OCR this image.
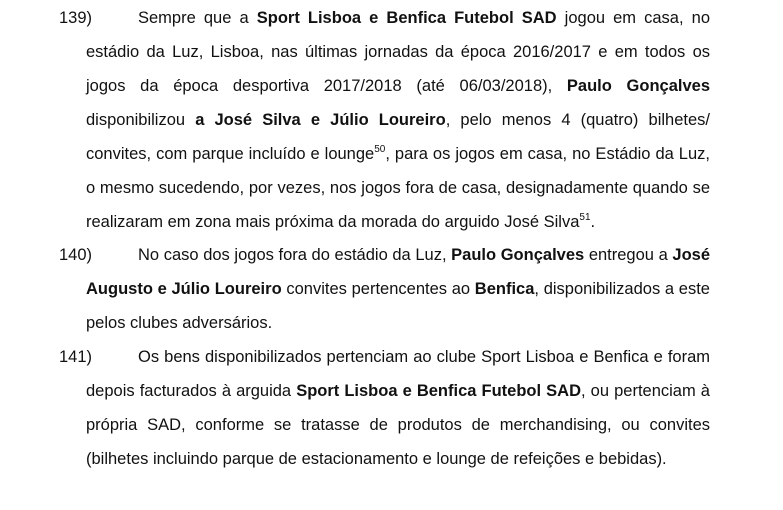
139)	Sempre que a Sport Lisboa e Benfica Futebol SAD jogou em casa, no estádio da Luz, Lisboa, nas últimas jornadas da época 2016/2017 e em todos os jogos da época desportiva 2017/2018 (até 06/03/2018), Paulo Gonçalves disponibilizou a José Silva e Júlio Loureiro, pelo menos 4 (quatro) bilhetes/ convites, com parque incluído e lounge$^{50}$, para os jogos em casa, no Estádio da Luz, o mesmo sucedendo, por vezes, nos jogos fora de casa, designadamente quando se realizaram em zona mais próxima da morada do arguido José Silva$^{51}$.
140)	No caso dos jogos fora do estádio da Luz, Paulo Gonçalves entregou a José Augusto e Júlio Loureiro convites pertencentes ao Benfica, disponibilizados a este pelos clubes adversários.
141)	Os bens disponibilizados pertenciam ao clube Sport Lisboa e Benfica e foram depois facturados à arguida Sport Lisboa e Benfica Futebol SAD, ou pertenciam à própria SAD, conforme se tratasse de produtos de merchandising, ou convites (bilhetes incluindo parque de estacionamento e lounge de refeições e bebidas).
